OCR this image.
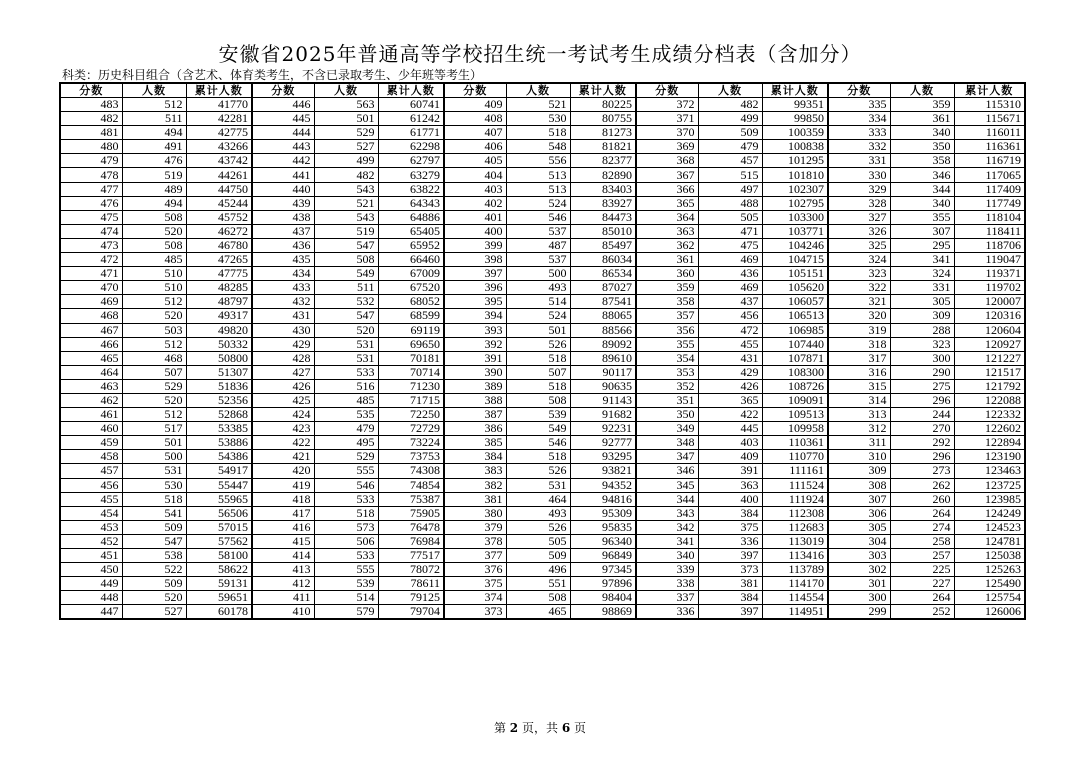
安徽省2025年普通高等学校招生统一考试考生成绩分档表（含加分）
科类：历史科目组合（含艺术、体育类考生，不含已录取考生、少年班等考生）
分数	人数	累计人数	分数	人数	累计人数	分数	人数	累计人数	分数	人数	累计人数	分数	人数	累计人数
483	512	41770	446	563	60741	409	521	80225	372	482	99351	335	359	115310
482	511	42281	445	501	61242	408	530	80755	371	499	99850	334	361	115671
481	494	42775	444	529	61771	407	518	81273	370	509	100359	333	340	116011
480	491	43266	443	527	62298	406	548	81821	369	479	100838	332	350	116361
479	476	43742	442	499	62797	405	556	82377	368	457	101295	331	358	116719
478	519	44261	441	482	63279	404	513	82890	367	515	101810	330	346	117065
477	489	44750	440	543	63822	403	513	83403	366	497	102307	329	344	117409
476	494	45244	439	521	64343	402	524	83927	365	488	102795	328	340	117749
475	508	45752	438	543	64886	401	546	84473	364	505	103300	327	355	118104
474	520	46272	437	519	65405	400	537	85010	363	471	103771	326	307	118411
473	508	46780	436	547	65952	399	487	85497	362	475	104246	325	295	118706
472	485	47265	435	508	66460	398	537	86034	361	469	104715	324	341	119047
471	510	47775	434	549	67009	397	500	86534	360	436	105151	323	324	119371
470	510	48285	433	511	67520	396	493	87027	359	469	105620	322	331	119702
469	512	48797	432	532	68052	395	514	87541	358	437	106057	321	305	120007
468	520	49317	431	547	68599	394	524	88065	357	456	106513	320	309	120316
467	503	49820	430	520	69119	393	501	88566	356	472	106985	319	288	120604
466	512	50332	429	531	69650	392	526	89092	355	455	107440	318	323	120927
465	468	50800	428	531	70181	391	518	89610	354	431	107871	317	300	121227
464	507	51307	427	533	70714	390	507	90117	353	429	108300	316	290	121517
463	529	51836	426	516	71230	389	518	90635	352	426	108726	315	275	121792
462	520	52356	425	485	71715	388	508	91143	351	365	109091	314	296	122088
461	512	52868	424	535	72250	387	539	91682	350	422	109513	313	244	122332
460	517	53385	423	479	72729	386	549	92231	349	445	109958	312	270	122602
459	501	53886	422	495	73224	385	546	92777	348	403	110361	311	292	122894
458	500	54386	421	529	73753	384	518	93295	347	409	110770	310	296	123190
457	531	54917	420	555	74308	383	526	93821	346	391	111161	309	273	123463
456	530	55447	419	546	74854	382	531	94352	345	363	111524	308	262	123725
455	518	55965	418	533	75387	381	464	94816	344	400	111924	307	260	123985
454	541	56506	417	518	75905	380	493	95309	343	384	112308	306	264	124249
453	509	57015	416	573	76478	379	526	95835	342	375	112683	305	274	124523
452	547	57562	415	506	76984	378	505	96340	341	336	113019	304	258	124781
451	538	58100	414	533	77517	377	509	96849	340	397	113416	303	257	125038
450	522	58622	413	555	78072	376	496	97345	339	373	113789	302	225	125263
449	509	59131	412	539	78611	375	551	97896	338	381	114170	301	227	125490
448	520	59651	411	514	79125	374	508	98404	337	384	114554	300	264	125754
447	527	60178	410	579	79704	373	465	98869	336	397	114951	299	252	126006
第 2 页，共 6 页
